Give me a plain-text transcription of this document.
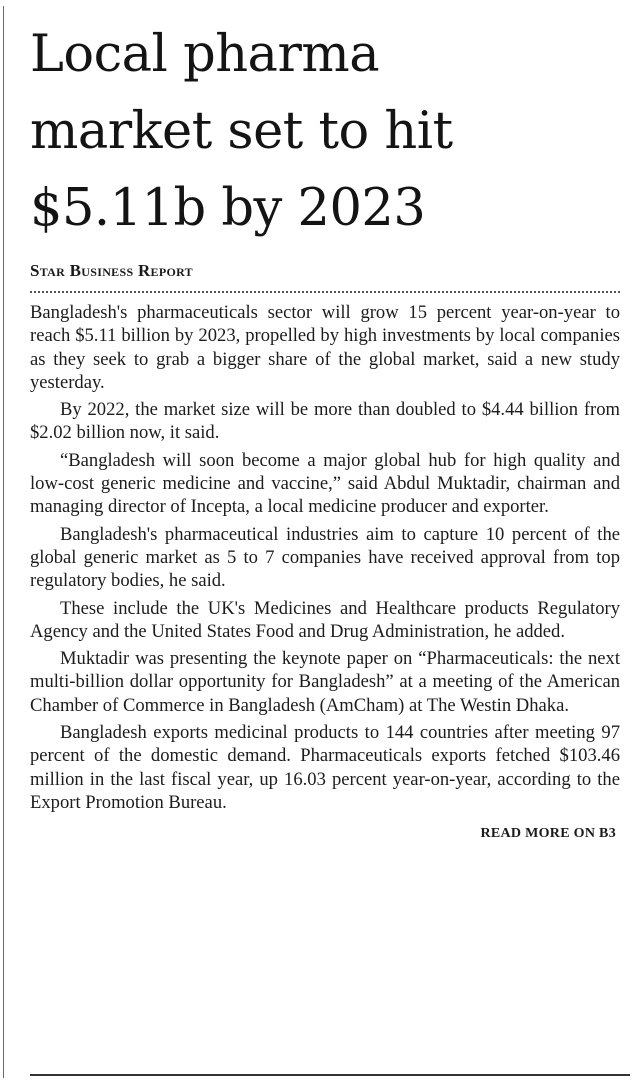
Local pharma
market set to hit
$5.11b by 2023
Star Business Report

Bangladesh's pharmaceuticals sector will grow 15 percent year-on-year to reach $5.11 billion by 2023, propelled by high investments by local companies as they seek to grab a bigger share of the global market, said a new study yesterday.

By 2022, the market size will be more than doubled to $4.44 billion from $2.02 billion now, it said.

“Bangladesh will soon become a major global hub for high quality and low-cost generic medicine and vaccine,” said Abdul Muktadir, chairman and managing director of Incepta, a local medicine producer and exporter.

Bangladesh's pharmaceutical industries aim to capture 10 percent of the global generic market as 5 to 7 companies have received approval from top regulatory bodies, he said.

These include the UK's Medicines and Healthcare products Regulatory Agency and the United States Food and Drug Administration, he added.

Muktadir was presenting the keynote paper on “Pharmaceuticals: the next multi-billion dollar opportunity for Bangladesh” at a meeting of the American Chamber of Commerce in Bangladesh (AmCham) at The Westin Dhaka.

Bangladesh exports medicinal products to 144 countries after meeting 97 percent of the domestic demand. Pharmaceuticals exports fetched $103.46 million in the last fiscal year, up 16.03 percent year-on-year, according to the Export Promotion Bureau.

READ MORE ON B3
